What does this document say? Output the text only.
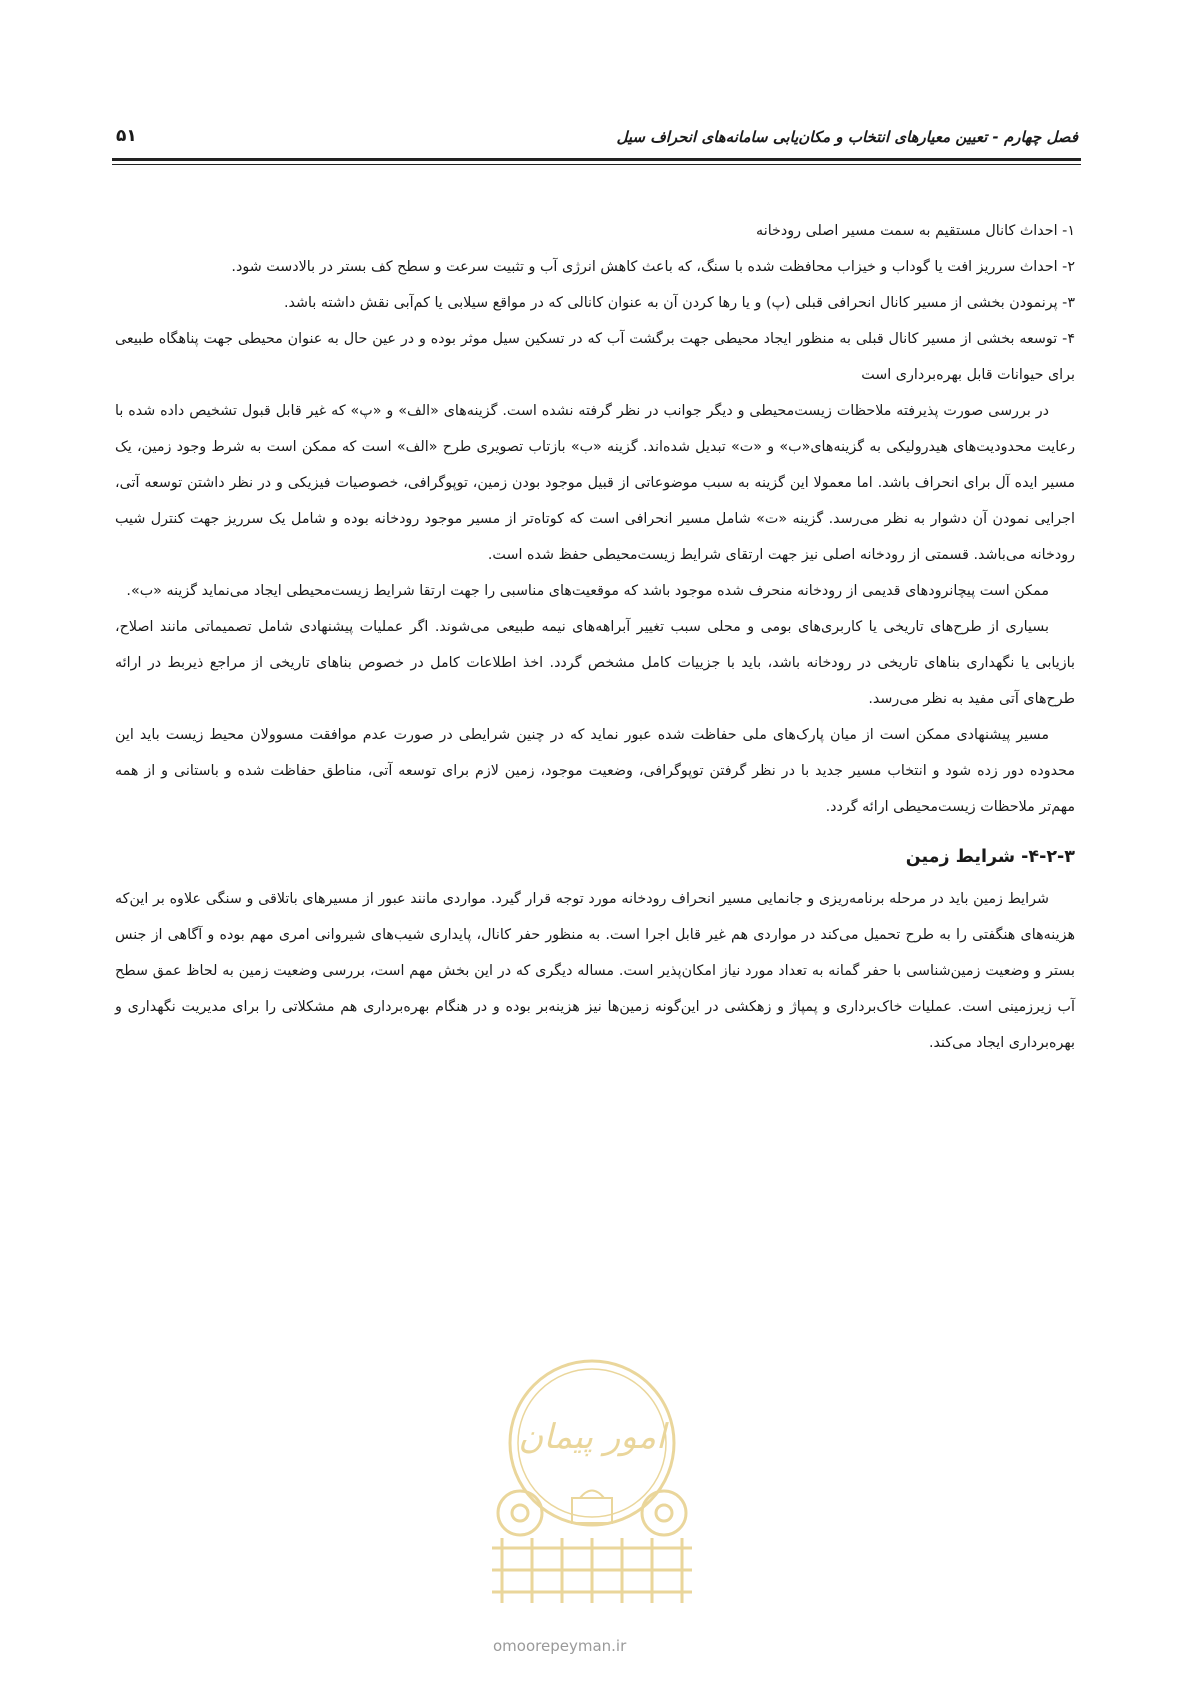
فصل چهارم - تعیین معیارهای انتخاب و مکان‌یابی سامانه‌های انحراف سیل
۵۱

۱- احداث کانال مستقیم به سمت مسیر اصلی رودخانه

۲- احداث سرریز افت یا گوداب و خیزاب محافظت شده با سنگ، که باعث کاهش انرژی آب و تثبیت سرعت و سطح کف بستر در بالادست شود.

۳- پرنمودن بخشی از مسیر کانال انحرافی قبلی (پ) و یا رها کردن آن به عنوان کانالی که در مواقع سیلابی یا کم‌آبی نقش داشته باشد.

۴- توسعه بخشی از مسیر کانال قبلی به منظور ایجاد محیطی جهت برگشت آب که در تسکین سیل موثر بوده و در عین حال به عنوان محیطی جهت پناهگاه طبیعی برای حیوانات قابل بهره‌برداری است

در بررسی صورت پذیرفته ملاحظات زیست‌محیطی و دیگر جوانب در نظر گرفته نشده است. گزینه‌های «الف» و «پ» که غیر قابل قبول تشخیص داده شده با رعایت محدودیت‌های هیدرولیکی به گزینه‌های«ب» و «ت» تبدیل شده‌اند. گزینه «ب» بازتاب تصویری طرح «الف» است که ممکن است به شرط وجود زمین، یک مسیر ایده آل برای انحراف باشد. اما معمولا این گزینه به سبب موضوعاتی از قبیل موجود بودن زمین، توپوگرافی، خصوصیات فیزیکی و در نظر داشتن توسعه آتی، اجرایی نمودن آن دشوار به نظر می‌رسد. گزینه «ت» شامل مسیر انحرافی است که کوتاه‌تر از مسیر موجود رودخانه بوده و شامل یک سرریز جهت کنترل شیب رودخانه می‌باشد. قسمتی از رودخانه اصلی نیز جهت ارتقای شرایط زیست‌محیطی حفظ شده است.

ممکن است پیچانرودهای قدیمی از رودخانه منحرف شده موجود باشد که موقعیت‌های مناسبی را جهت ارتقا شرایط زیست‌محیطی ایجاد می‌نماید گزینه «ب».

بسیاری از طرح‌های تاریخی یا کاربری‌های بومی و محلی سبب تغییر آبراهه‌های نیمه طبیعی می‌شوند. اگر عملیات پیشنهادی شامل تصمیماتی مانند اصلاح، بازیابی یا نگهداری بناهای تاریخی در رودخانه باشد، باید با جزییات کامل مشخص گردد. اخذ اطلاعات کامل در خصوص بناهای تاریخی از مراجع ذیربط در ارائه طرح‌های آتی مفید به نظر می‌رسد.

مسیر پیشنهادی ممکن است از میان پارک‌های ملی حفاظت شده عبور نماید که در چنین شرایطی در صورت عدم موافقت مسوولان محیط زیست باید این محدوده دور زده شود و انتخاب مسیر جدید با در نظر گرفتن توپوگرافی، وضعیت موجود، زمین لازم برای توسعه آتی، مناطق حفاظت شده و باستانی و از همه مهم‌تر ملاحظات زیست‌محیطی ارائه گردد.

۴-۲-۳- شرایط زمین

شرایط زمین باید در مرحله برنامه‌ریزی و جانمایی مسیر انحراف رودخانه مورد توجه قرار گیرد. مواردی مانند عبور از مسیرهای باتلاقی و سنگی علاوه بر این‌که هزینه‌های هنگفتی را به طرح تحمیل می‌کند در مواردی هم غیر قابل اجرا است. به منظور حفر کانال، پایداری شیب‌های شیروانی امری مهم بوده و آگاهی از جنس بستر و وضعیت زمین‌شناسی با حفر گمانه به تعداد مورد نیاز امکان‌پذیر است. مساله دیگری که در این بخش مهم است، بررسی وضعیت زمین به لحاظ عمق سطح آب زیرزمینی است. عملیات خاک‌برداری و پمپاژ و زهکشی در این‌گونه زمین‌ها نیز هزینه‌بر بوده و در هنگام بهره‌برداری هم مشکلاتی را برای مدیریت نگهداری و بهره‌برداری ایجاد می‌کند.

امور پیمان
omoorepeyman.ir
